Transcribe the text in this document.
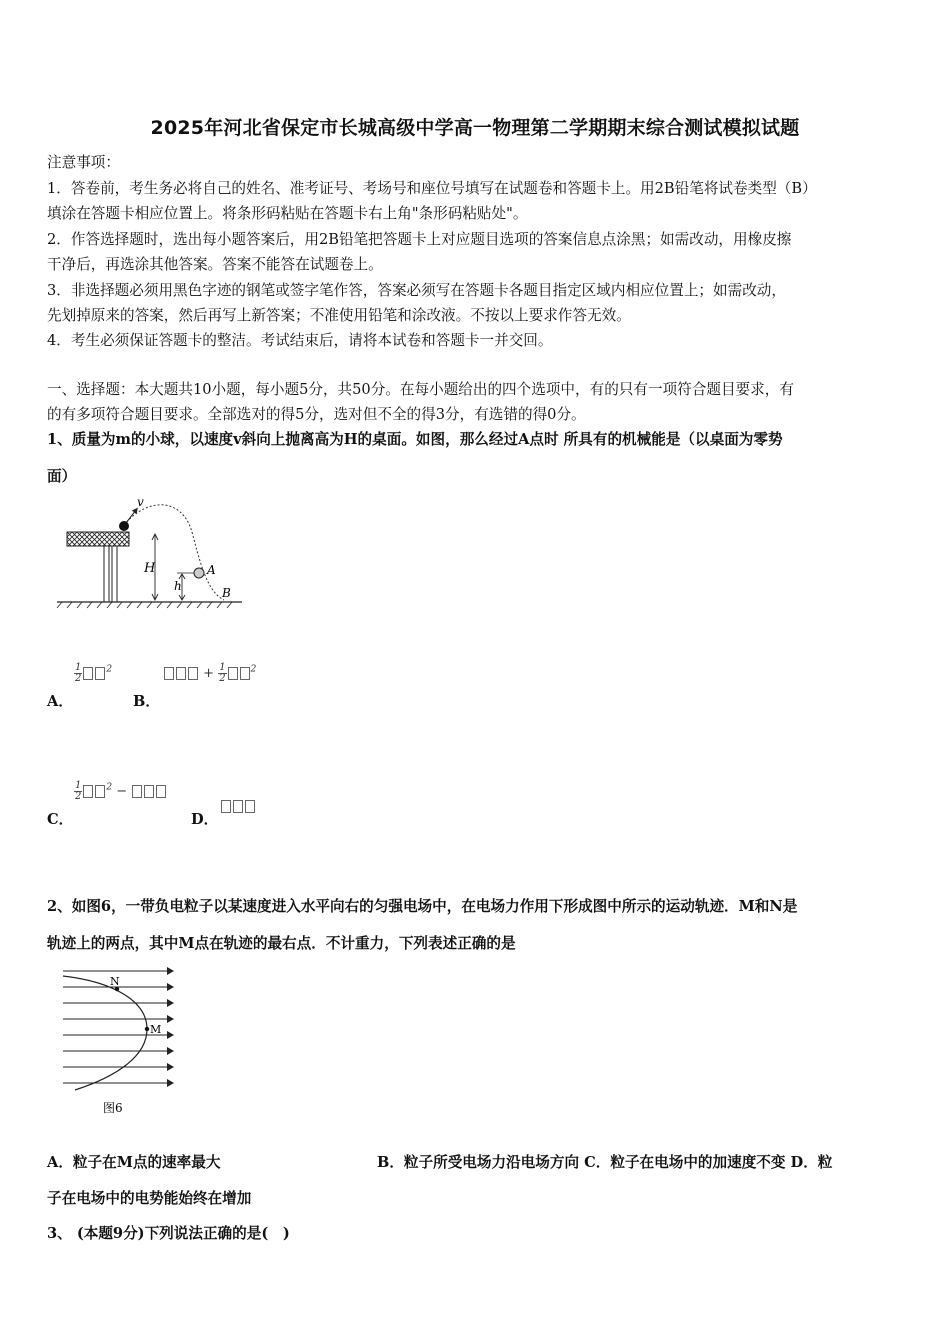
2025年河北省保定市长城高级中学高一物理第二学期期末综合测试模拟试题
注意事项：
1．答卷前，考生务必将自己的姓名、准考证号、考场号和座位号填写在试题卷和答题卡上。用2B铅笔将试卷类型（B）
填涂在答题卡相应位置上。将条形码粘贴在答题卡右上角"条形码粘贴处"。
2．作答选择题时，选出每小题答案后，用2B铅笔把答题卡上对应题目选项的答案信息点涂黑；如需改动，用橡皮擦
干净后，再选涂其他答案。答案不能答在试题卷上。
3．非选择题必须用黑色字迹的钢笔或签字笔作答，答案必须写在答题卡各题目指定区域内相应位置上；如需改动，
先划掉原来的答案，然后再写上新答案；不准使用铅笔和涂改液。不按以上要求作答无效。
4．考生必须保证答题卡的整洁。考试结束后，请将本试卷和答题卡一并交回。
一、选择题：本大题共10小题，每小题5分，共50分。在每小题给出的四个选项中，有的只有一项符合题目要求，有
的有多项符合题目要求。全部选对的得5分，选对但不全的得3分，有选错的得0分。
1、质量为m的小球，以速度v斜向上抛离高为H的桌面。如图，那么经过A点时 所具有的机械能是（以桌面为零势
面）
v
H
h
A
B
A．
$\frac{1}{2}$	$^2$
B．
+ $\frac{1}{2}$	$^2$
C．
$\frac{1}{2}$	$^2$ −
D．
2、如图6，一带负电粒子以某速度进入水平向右的匀强电场中，在电场力作用下形成图中所示的运动轨迹．M和N是
轨迹上的两点，其中M点在轨迹的最右点．不计重力，下列表述正确的是
N
M
图6
A．粒子在M点的速率最大	B．粒子所受电场力沿电场方向 C．粒子在电场中的加速度不变 D．粒
子在电场中的电势能始终在增加
3、 (本题9分)下列说法正确的是(　)
